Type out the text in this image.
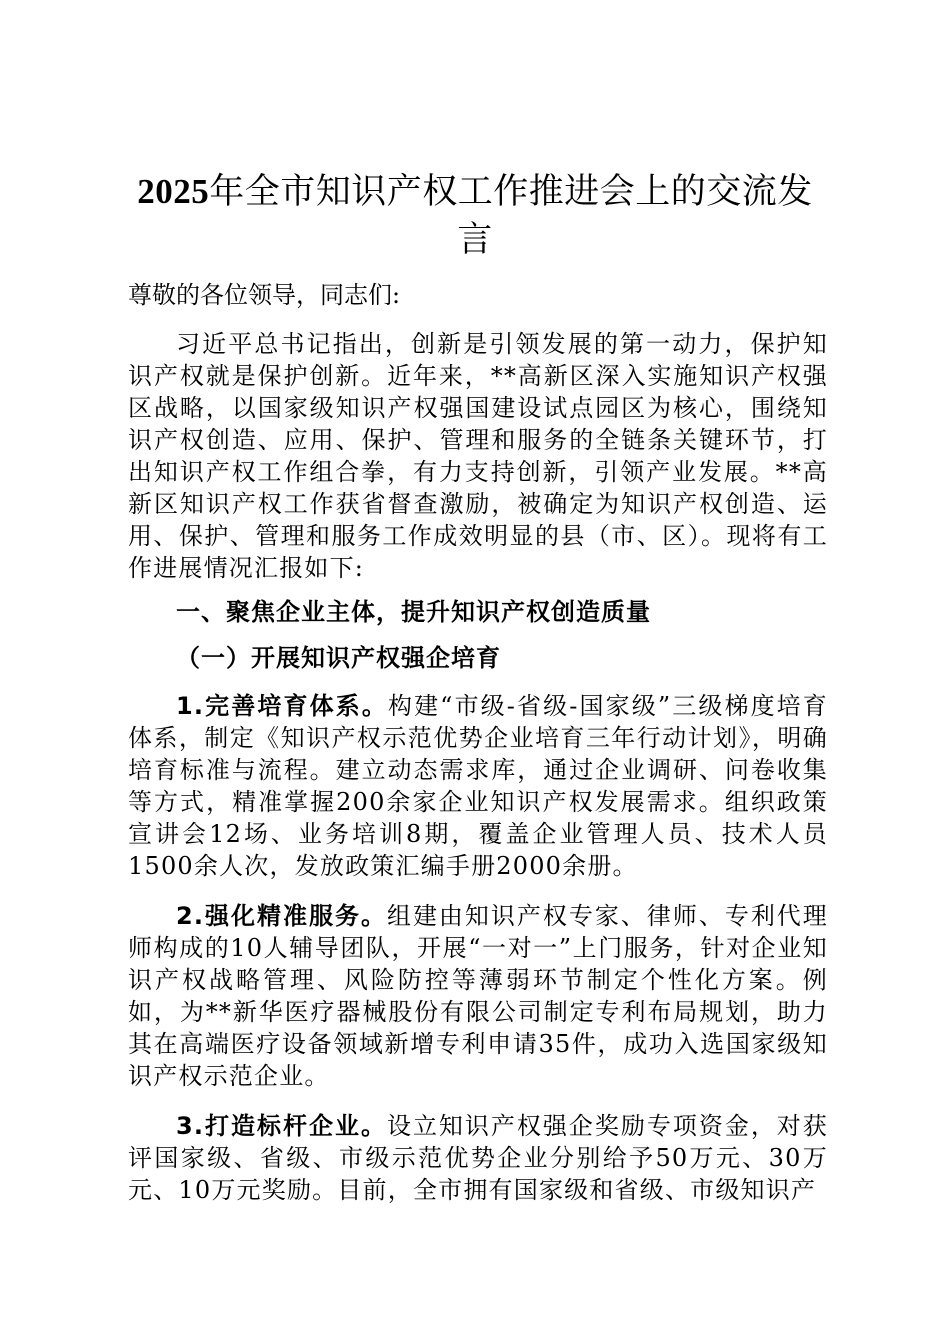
2025年全市知识产权工作推进会上的交流发
言

尊敬的各位领导，同志们:

习近平总书记指出，创新是引领发展的第一动力，保护知识产权就是保护创新。近年来，**高新区深入实施知识产权强区战略，以国家级知识产权强国建设试点园区为核心，围绕知识产权创造、应用、保护、管理和服务的全链条关键环节，打出知识产权工作组合拳，有力支持创新，引领产业发展。**高新区知识产权工作获省督查激励，被确定为知识产权创造、运用、保护、管理和服务工作成效明显的县（市、区）。现将有工作进展情况汇报如下:

一、聚焦企业主体，提升知识产权创造质量

（一）开展知识产权强企培育

1.完善培育体系。构建“市级-省级-国家级”三级梯度培育体系，制定《知识产权示范优势企业培育三年行动计划》，明确培育标准与流程。建立动态需求库，通过企业调研、问卷收集等方式，精准掌握200余家企业知识产权发展需求。组织政策宣讲会12场、业务培训8期，覆盖企业管理人员、技术人员1500余人次，发放政策汇编手册2000余册。

2.强化精准服务。组建由知识产权专家、律师、专利代理师构成的10人辅导团队，开展“一对一”上门服务，针对企业知识产权战略管理、风险防控等薄弱环节制定个性化方案。例如，为**新华医疗器械股份有限公司制定专利布局规划，助力其在高端医疗设备领域新增专利申请35件，成功入选国家级知识产权示范企业。

3.打造标杆企业。设立知识产权强企奖励专项资金，对获评国家级、省级、市级示范优势企业分别给予50万元、30万元、10万元奖励。目前，全市拥有国家级和省级、市级知识产
